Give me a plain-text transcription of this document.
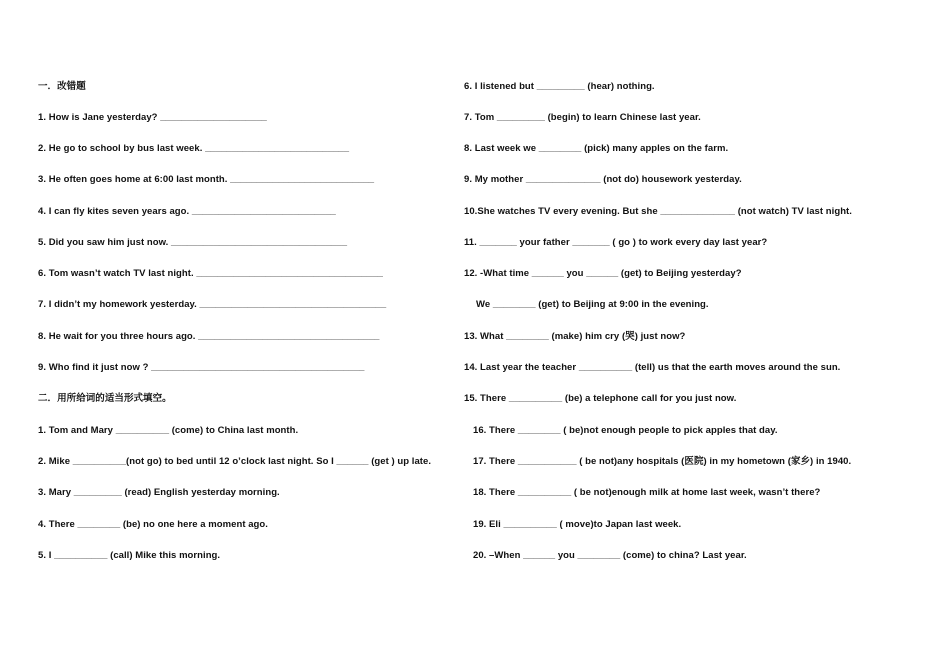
一．改错题
1. How is Jane yesterday? ____________________
2. He go to school by bus last week. ___________________________
3. He often goes home at 6:00 last month. ___________________________
4. I can fly kites seven years ago. ___________________________
5. Did you saw him just now. _________________________________
6. Tom wasn’t watch TV last night. ___________________________________
7. I didn’t my homework yesterday. ___________________________________
8. He wait for you three hours ago. __________________________________
9. Who find it just now ? ________________________________________
二．用所给词的适当形式填空。
1. Tom and Mary __________ (come) to China last month.
2. Mike __________(not go) to bed until 12 o’clock last night. So I ______ (get ) up late.
3. Mary _________ (read) English yesterday morning.
4. There ________ (be) no one here a moment ago.
5. I __________ (call) Mike this morning.
6. I listened but _________ (hear) nothing.
7. Tom _________ (begin) to learn Chinese last year.
8. Last week we ________ (pick) many apples on the farm.
9. My mother ______________ (not do) housework yesterday.
10.She watches TV every evening. But she ______________ (not watch) TV last night.
11. _______ your father _______ ( go ) to work every day last year?
12. -What time ______ you ______ (get) to Beijing yesterday?
We ________ (get) to Beijing at 9:00 in the evening.
13. What ________ (make) him cry (哭) just now?
14. Last year the teacher __________ (tell) us that the earth moves around the sun.
15. There __________ (be) a telephone call for you just now.
16. There ________ ( be)not enough people to pick apples that day.
17. There ___________ ( be not)any hospitals (医院) in my hometown (家乡) in 1940.
18. There __________ ( be not)enough milk at home last week, wasn’t there?
19. Eli __________ ( move)to Japan last week.
20. –When ______ you ________ (come) to china? Last year.
